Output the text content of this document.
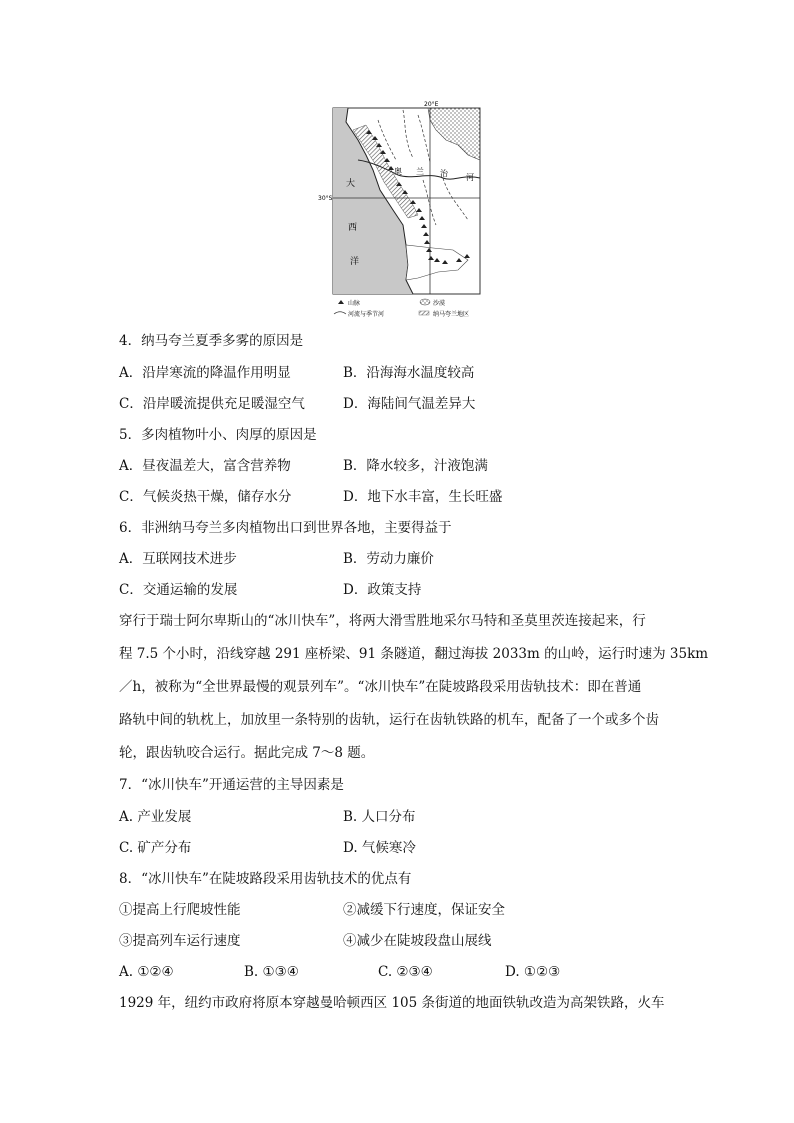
大
西
洋
奥 兰 治 河
30°S
20°E
山脉	沙漠
河流与季节河	纳马夸兰地区
4．纳马夸兰夏季多雾的原因是
A．沿岸寒流的降温作用明显	B．沿海海水温度较高
C．沿岸暖流提供充足暖湿空气	D．海陆间气温差异大
5．多肉植物叶小、肉厚的原因是
A．昼夜温差大，富含营养物	B．降水较多，汁液饱满
C．气候炎热干燥，储存水分	D．地下水丰富，生长旺盛
6．非洲纳马夸兰多肉植物出口到世界各地，主要得益于
A．互联网技术进步	B．劳动力廉价
C．交通运输的发展	D．政策支持
穿行于瑞士阿尔卑斯山的“冰川快车”，将两大滑雪胜地采尔马特和圣莫里茨连接起来，行
程 7.5 个小时，沿线穿越 291 座桥梁、91 条隧道，翻过海拔 2033m 的山岭，运行时速为 35km
／h，被称为“全世界最慢的观景列车”。“冰川快车”在陡坡路段采用齿轨技术：即在普通
路轨中间的轨枕上，加放里一条特别的齿轨，运行在齿轨铁路的机车，配备了一个或多个齿
轮，跟齿轨咬合运行。据此完成 7～8 题。
7．“冰川快车”开通运营的主导因素是
A. 产业发展	B. 人口分布
C. 矿产分布	D. 气候寒冷
8．“冰川快车”在陡坡路段采用齿轨技术的优点有
①提高上行爬坡性能	②减缓下行速度，保证安全
③提高列车运行速度	④减少在陡坡段盘山展线
A. ①②④	B. ①③④	C. ②③④	D. ①②③
1929 年，纽约市政府将原本穿越曼哈顿西区 105 条街道的地面铁轨改造为高架铁路，火车
